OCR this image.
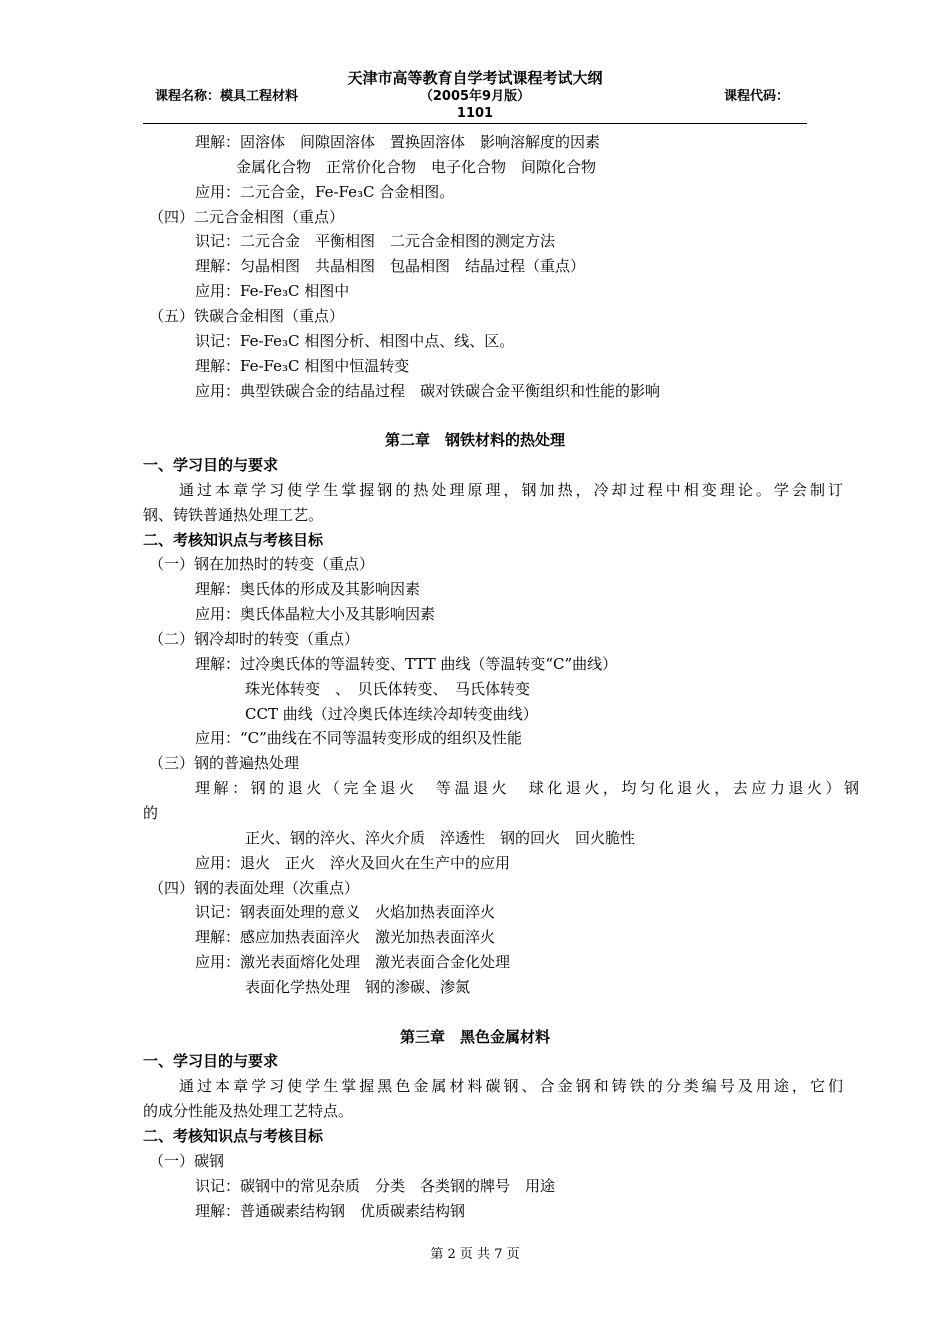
天津市高等教育自学考试课程考试大纲
课程名称：模具工程材料	（2005年9月版）
1101
课程代码：
理解：固溶体　间隙固溶体　置换固溶体　影响溶解度的因素
金属化合物　正常价化合物　电子化合物　间隙化合物
应用：二元合金，Fe-Fe₃C 合金相图。
（四）二元合金相图（重点）
识记：二元合金　平衡相图　二元合金相图的测定方法
理解：匀晶相图　共晶相图　包晶相图　结晶过程（重点）
应用：Fe-Fe₃C 相图中
（五）铁碳合金相图（重点）
识记：Fe-Fe₃C 相图分析、相图中点、线、区。
理解：Fe-Fe₃C 相图中恒温转变
应用：典型铁碳合金的结晶过程　碳对铁碳合金平衡组织和性能的影响
第二章　钢铁材料的热处理
一、学习目的与要求
通过本章学习使学生掌握钢的热处理原理，钢加热，冷却过程中相变理论。学会制订
钢、铸铁普通热处理工艺。
二、考核知识点与考核目标
（一）钢在加热时的转变（重点）
理解：奥氏体的形成及其影响因素
应用：奥氏体晶粒大小及其影响因素
（二）钢冷却时的转变（重点）
理解：过冷奥氏体的等温转变、TTT 曲线（等温转变“C”曲线）
珠光体转变　、　贝氏体转变、　马氏体转变
CCT 曲线（过冷奥氏体连续冷却转变曲线）
应用：“C”曲线在不同等温转变形成的组织及性能
（三）钢的普遍热处理
理解：钢的退火（完全退火　等温退火　球化退火，均匀化退火，去应力退火）钢
的
正火、钢的淬火、淬火介质　淬透性　钢的回火　回火脆性
应用：退火　正火　淬火及回火在生产中的应用
（四）钢的表面处理（次重点）
识记：钢表面处理的意义　火焰加热表面淬火
理解：感应加热表面淬火　激光加热表面淬火
应用：激光表面熔化处理　激光表面合金化处理
表面化学热处理　钢的渗碳、渗氮
第三章　黑色金属材料
一、学习目的与要求
通过本章学习使学生掌握黑色金属材料碳钢、合金钢和铸铁的分类编号及用途，它们
的成分性能及热处理工艺特点。
二、考核知识点与考核目标
（一）碳钢
识记：碳钢中的常见杂质　分类　各类钢的牌号　用途
理解：普通碳素结构钢　优质碳素结构钢
第 2 页 共 7 页
